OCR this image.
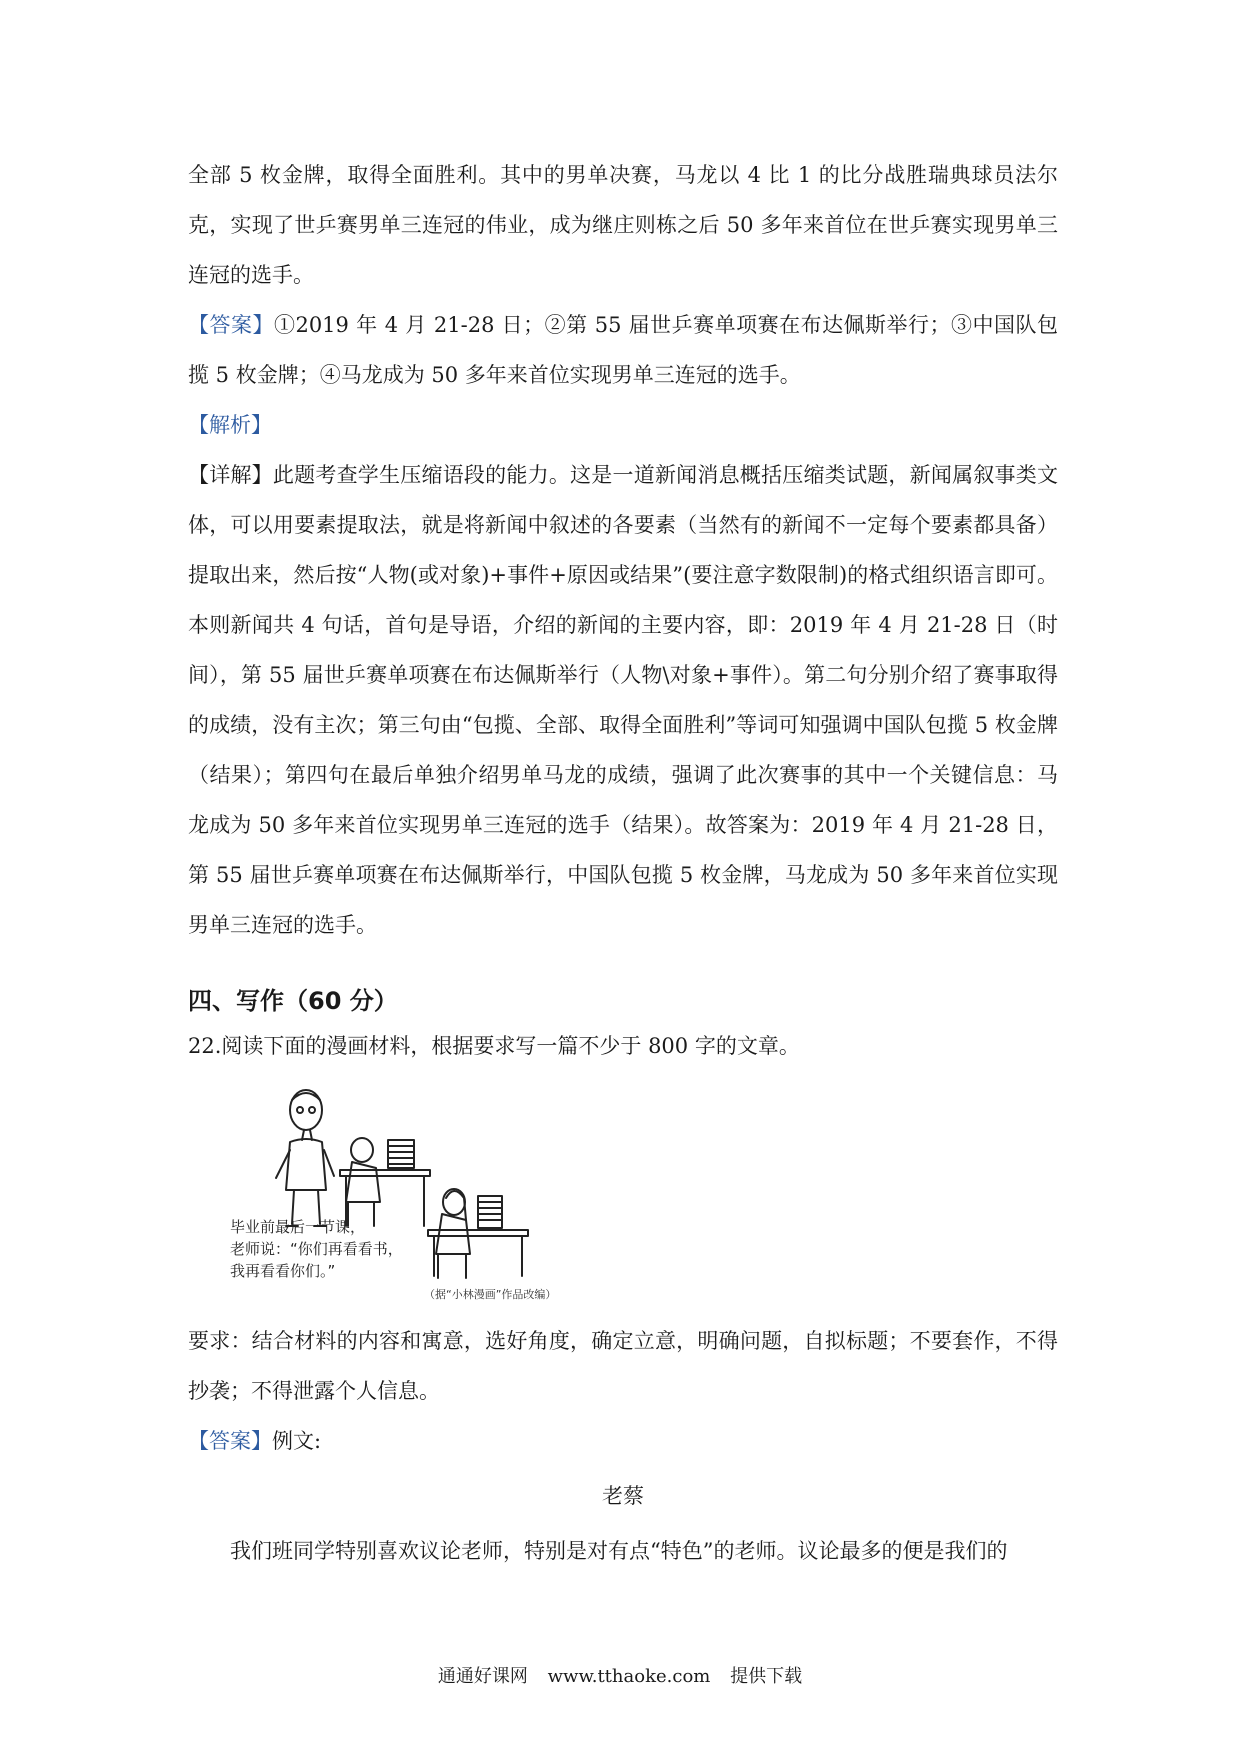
全部 5 枚金牌，取得全面胜利。其中的男单决赛，马龙以 4 比 1 的比分战胜瑞典球员法尔克，实现了世乒赛男单三连冠的伟业，成为继庄则栋之后 50 多年来首位在世乒赛实现男单三连冠的选手。

【答案】①2019 年 4 月 21-28 日；②第 55 届世乒赛单项赛在布达佩斯举行；③中国队包揽 5 枚金牌；④马龙成为 50 多年来首位实现男单三连冠的选手。

【解析】

【详解】此题考查学生压缩语段的能力。这是一道新闻消息概括压缩类试题，新闻属叙事类文体，可以用要素提取法，就是将新闻中叙述的各要素（当然有的新闻不一定每个要素都具备）提取出来，然后按“人物(或对象)+事件+原因或结果”(要注意字数限制)的格式组织语言即可。本则新闻共 4 句话，首句是导语，介绍的新闻的主要内容，即：2019 年 4 月 21-28 日（时间），第 55 届世乒赛单项赛在布达佩斯举行（人物\对象+事件）。第二句分别介绍了赛事取得的成绩，没有主次；第三句由“包揽、全部、取得全面胜利”等词可知强调中国队包揽 5 枚金牌（结果）；第四句在最后单独介绍男单马龙的成绩，强调了此次赛事的其中一个关键信息：马龙成为 50 多年来首位实现男单三连冠的选手（结果）。故答案为：2019 年 4 月 21-28 日，第 55 届世乒赛单项赛在布达佩斯举行，中国队包揽 5 枚金牌，马龙成为 50 多年来首位实现男单三连冠的选手。

四、写作（60 分）

22.阅读下面的漫画材料，根据要求写一篇不少于 800 字的文章。

毕业前最后一节课，
老师说：“你们再看看书，
我再看看你们。”
（据“小林漫画”作品改编）

要求：结合材料的内容和寓意，选好角度，确定立意，明确问题，自拟标题；不要套作，不得抄袭；不得泄露个人信息。

【答案】例文:

老蔡

我们班同学特别喜欢议论老师，特别是对有点“特色”的老师。议论最多的便是我们的

通通好课网 www.tthaoke.com 提供下载
